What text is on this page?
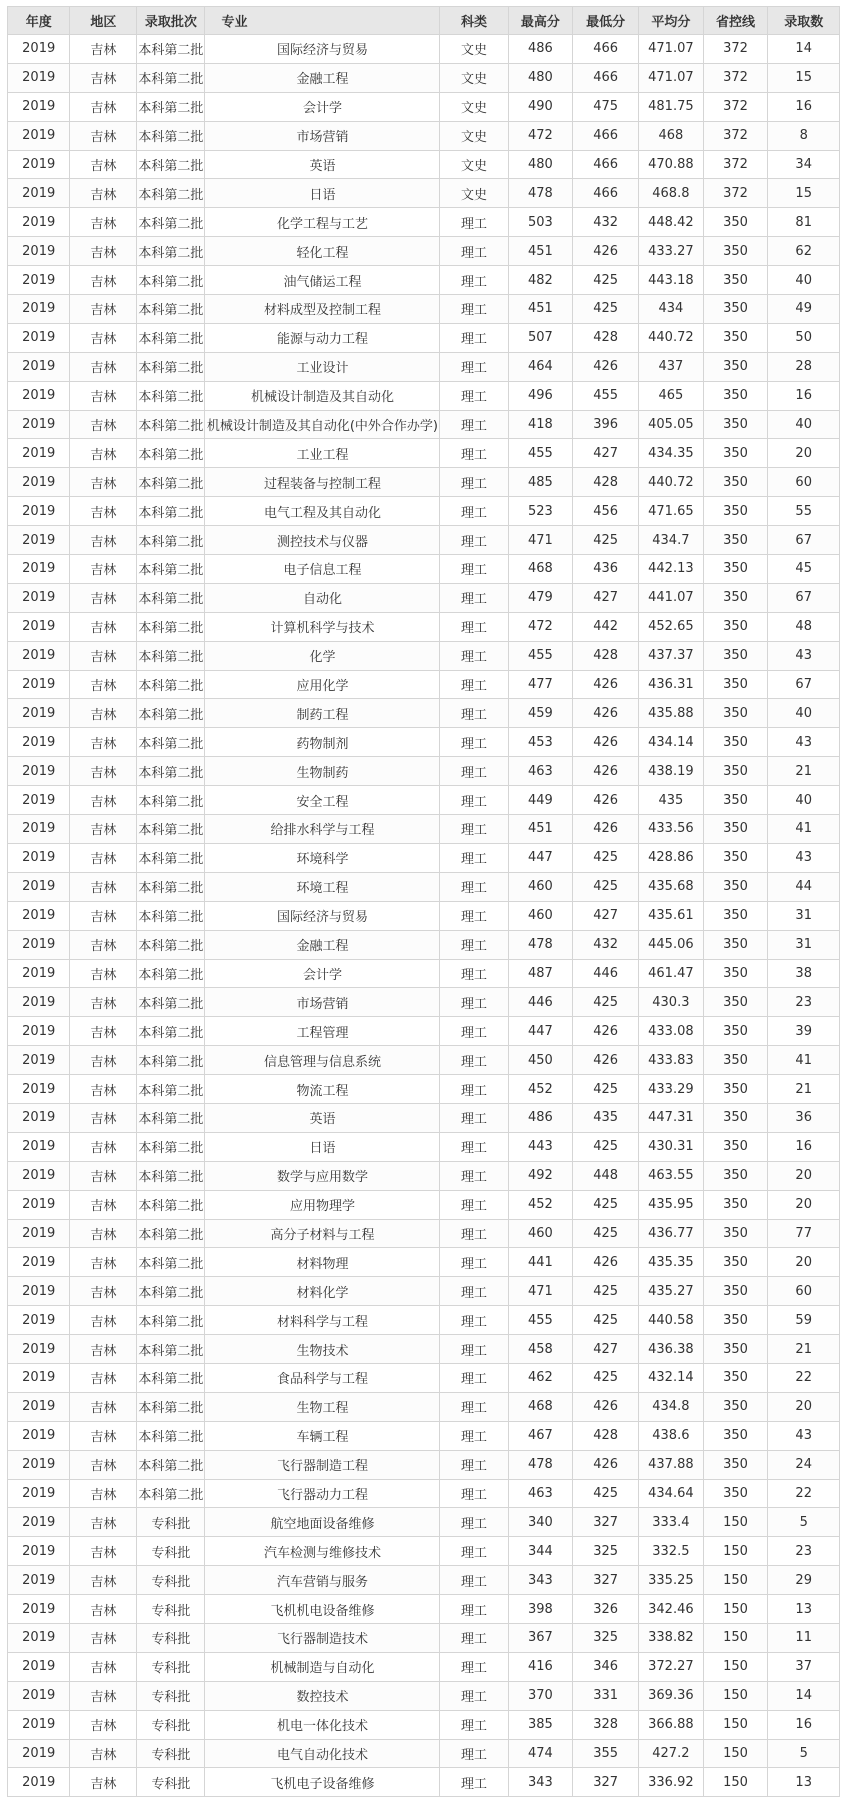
年度	地区	录取批次	专业	科类	最高分	最低分	平均分	省控线	录取数
2019	吉林	本科第二批	国际经济与贸易	文史	486	466	471.07	372	14
2019	吉林	本科第二批	金融工程	文史	480	466	471.07	372	15
2019	吉林	本科第二批	会计学	文史	490	475	481.75	372	16
2019	吉林	本科第二批	市场营销	文史	472	466	468	372	8
2019	吉林	本科第二批	英语	文史	480	466	470.88	372	34
2019	吉林	本科第二批	日语	文史	478	466	468.8	372	15
2019	吉林	本科第二批	化学工程与工艺	理工	503	432	448.42	350	81
2019	吉林	本科第二批	轻化工程	理工	451	426	433.27	350	62
2019	吉林	本科第二批	油气储运工程	理工	482	425	443.18	350	40
2019	吉林	本科第二批	材料成型及控制工程	理工	451	425	434	350	49
2019	吉林	本科第二批	能源与动力工程	理工	507	428	440.72	350	50
2019	吉林	本科第二批	工业设计	理工	464	426	437	350	28
2019	吉林	本科第二批	机械设计制造及其自动化	理工	496	455	465	350	16
2019	吉林	本科第二批	机械设计制造及其自动化(中外合作办学)	理工	418	396	405.05	350	40
2019	吉林	本科第二批	工业工程	理工	455	427	434.35	350	20
2019	吉林	本科第二批	过程装备与控制工程	理工	485	428	440.72	350	60
2019	吉林	本科第二批	电气工程及其自动化	理工	523	456	471.65	350	55
2019	吉林	本科第二批	测控技术与仪器	理工	471	425	434.7	350	67
2019	吉林	本科第二批	电子信息工程	理工	468	436	442.13	350	45
2019	吉林	本科第二批	自动化	理工	479	427	441.07	350	67
2019	吉林	本科第二批	计算机科学与技术	理工	472	442	452.65	350	48
2019	吉林	本科第二批	化学	理工	455	428	437.37	350	43
2019	吉林	本科第二批	应用化学	理工	477	426	436.31	350	67
2019	吉林	本科第二批	制药工程	理工	459	426	435.88	350	40
2019	吉林	本科第二批	药物制剂	理工	453	426	434.14	350	43
2019	吉林	本科第二批	生物制药	理工	463	426	438.19	350	21
2019	吉林	本科第二批	安全工程	理工	449	426	435	350	40
2019	吉林	本科第二批	给排水科学与工程	理工	451	426	433.56	350	41
2019	吉林	本科第二批	环境科学	理工	447	425	428.86	350	43
2019	吉林	本科第二批	环境工程	理工	460	425	435.68	350	44
2019	吉林	本科第二批	国际经济与贸易	理工	460	427	435.61	350	31
2019	吉林	本科第二批	金融工程	理工	478	432	445.06	350	31
2019	吉林	本科第二批	会计学	理工	487	446	461.47	350	38
2019	吉林	本科第二批	市场营销	理工	446	425	430.3	350	23
2019	吉林	本科第二批	工程管理	理工	447	426	433.08	350	39
2019	吉林	本科第二批	信息管理与信息系统	理工	450	426	433.83	350	41
2019	吉林	本科第二批	物流工程	理工	452	425	433.29	350	21
2019	吉林	本科第二批	英语	理工	486	435	447.31	350	36
2019	吉林	本科第二批	日语	理工	443	425	430.31	350	16
2019	吉林	本科第二批	数学与应用数学	理工	492	448	463.55	350	20
2019	吉林	本科第二批	应用物理学	理工	452	425	435.95	350	20
2019	吉林	本科第二批	高分子材料与工程	理工	460	425	436.77	350	77
2019	吉林	本科第二批	材料物理	理工	441	426	435.35	350	20
2019	吉林	本科第二批	材料化学	理工	471	425	435.27	350	60
2019	吉林	本科第二批	材料科学与工程	理工	455	425	440.58	350	59
2019	吉林	本科第二批	生物技术	理工	458	427	436.38	350	21
2019	吉林	本科第二批	食品科学与工程	理工	462	425	432.14	350	22
2019	吉林	本科第二批	生物工程	理工	468	426	434.8	350	20
2019	吉林	本科第二批	车辆工程	理工	467	428	438.6	350	43
2019	吉林	本科第二批	飞行器制造工程	理工	478	426	437.88	350	24
2019	吉林	本科第二批	飞行器动力工程	理工	463	425	434.64	350	22
2019	吉林	专科批	航空地面设备维修	理工	340	327	333.4	150	5
2019	吉林	专科批	汽车检测与维修技术	理工	344	325	332.5	150	23
2019	吉林	专科批	汽车营销与服务	理工	343	327	335.25	150	29
2019	吉林	专科批	飞机机电设备维修	理工	398	326	342.46	150	13
2019	吉林	专科批	飞行器制造技术	理工	367	325	338.82	150	11
2019	吉林	专科批	机械制造与自动化	理工	416	346	372.27	150	37
2019	吉林	专科批	数控技术	理工	370	331	369.36	150	14
2019	吉林	专科批	机电一体化技术	理工	385	328	366.88	150	16
2019	吉林	专科批	电气自动化技术	理工	474	355	427.2	150	5
2019	吉林	专科批	飞机电子设备维修	理工	343	327	336.92	150	13
